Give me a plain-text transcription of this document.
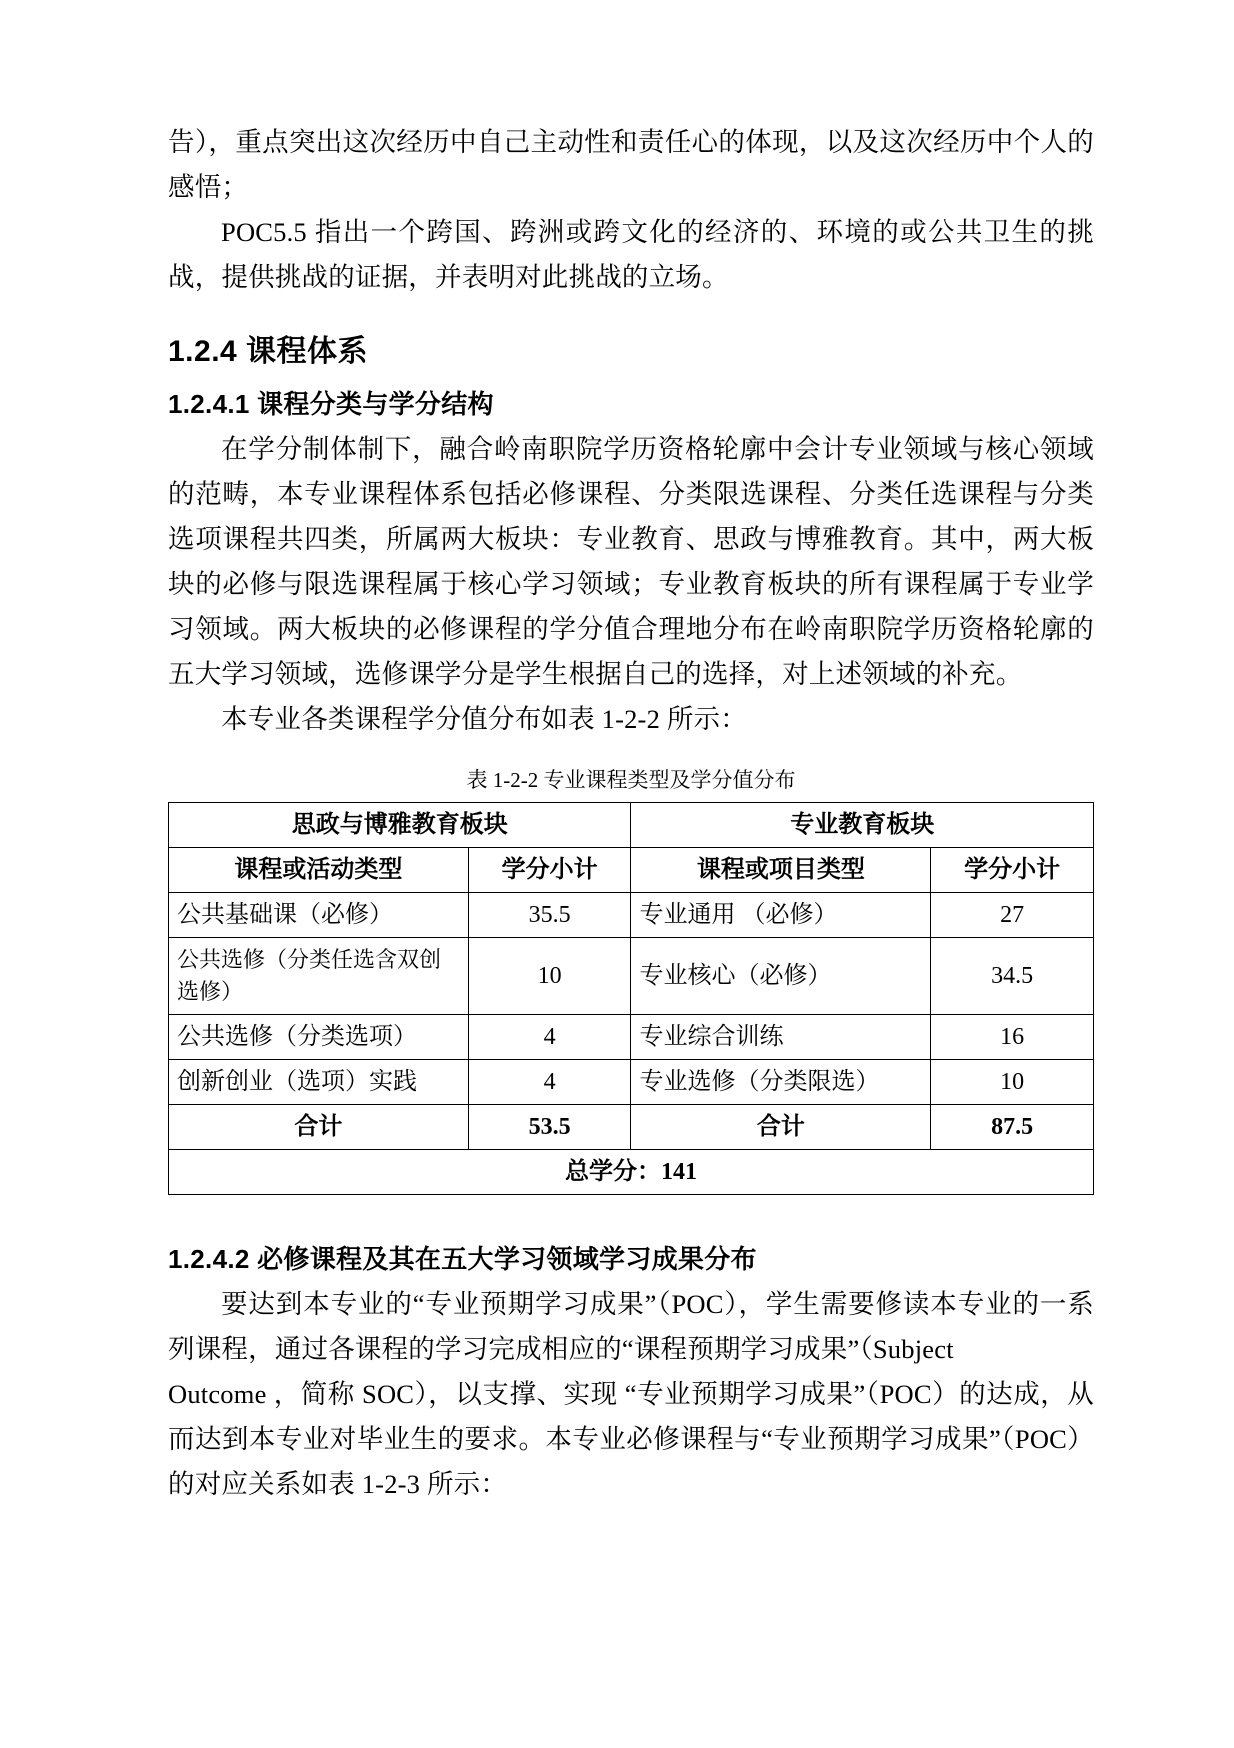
告），重点突出这次经历中自己主动性和责任心的体现，以及这次经历中个人的感悟；

POC5.5 指出一个跨国、跨洲或跨文化的经济的、环境的或公共卫生的挑战，提供挑战的证据，并表明对此挑战的立场。

1.2.4 课程体系
1.2.4.1 课程分类与学分结构

在学分制体制下，融合岭南职院学历资格轮廓中会计专业领域与核心领域的范畴，本专业课程体系包括必修课程、分类限选课程、分类任选课程与分类选项课程共四类，所属两大板块：专业教育、思政与博雅教育。其中，两大板块的必修与限选课程属于核心学习领域；专业教育板块的所有课程属于专业学习领域。两大板块的必修课程的学分值合理地分布在岭南职院学历资格轮廓的五大学习领域，选修课学分是学生根据自己的选择，对上述领域的补充。

本专业各类课程学分值分布如表 1-2-2 所示：

表 1-2-2 专业课程类型及学分值分布
思政与博雅教育板块		专业教育板块	
课程或活动类型	学分小计	课程或项目类型	学分小计
公共基础课（必修）	35.5	专业通用 （必修）	27
公共选修（分类任选含双创选修）	10	专业核心（必修）	34.5
公共选修（分类选项）	4	专业综合训练	16
创新创业（选项）实践	4	专业选修（分类限选）	10
合计	53.5	合计	87.5
总学分：141			
1.2.4.2 必修课程及其在五大学习领域学习成果分布

要达到本专业的“专业预期学习成果”（POC），学生需要修读本专业的一系列课程，通过各课程的学习完成相应的“课程预期学习成果”（Subject

Outcome ，简称 SOC），以支撑、实现 “专业预期学习成果”（POC）的达成，从而达到本专业对毕业生的要求。本专业必修课程与“专业预期学习成果”（POC）的对应关系如表 1-2-3 所示：
